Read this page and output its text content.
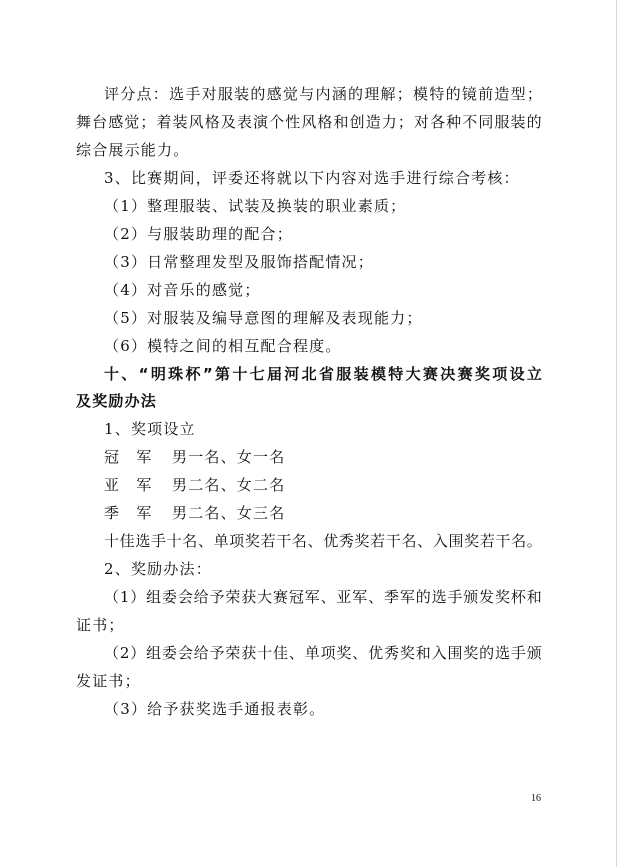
评 分 点 ： 选 手 对 服 装 的 感 觉 与 内 涵 的 理 解 ； 模 特 的 镜 前 造 型 ；
舞 台 感 觉 ； 着 装 风 格 及 表 演 个 性 风 格 和 创 造 力 ； 对 各 种 不 同 服 装 的
综合展示能力。
3、比赛期间，评委还将就以下内容对选手进行综合考核：
（1）整理服装、试装及换装的职业素质；
（2）与服装助理的配合；
（3）日常整理发型及服饰搭配情况；
（4）对音乐的感觉；
（5）对服装及编导意图的理解及表现能力；
（6）模特之间的相互配合程度。
十 、 “ 明 珠 杯 ” 第 十 七 届 河 北 省 服 装 模 特 大 赛 决 赛 奖 项 设 立
及奖励办法
1、奖项设立
冠　军 男一名、女一名
亚　军 男二名、女二名
季　军 男二名、女三名
十 佳 选 手 十 名 、 单 项 奖 若 干 名 、 优 秀 奖 若 干 名 、 入 围 奖 若 干 名 。
2、奖励办法：
（ 1 ） 组 委 会 给 予 荣 获 大 赛 冠 军 、 亚 军 、 季 军 的 选 手 颁 发 奖 杯 和
证书；
（ 2 ） 组 委 会 给 予 荣 获 十 佳 、 单 项 奖 、 优 秀 奖 和 入 围 奖 的 选 手 颁
发证书；
（3）给予获奖选手通报表彰。
16
